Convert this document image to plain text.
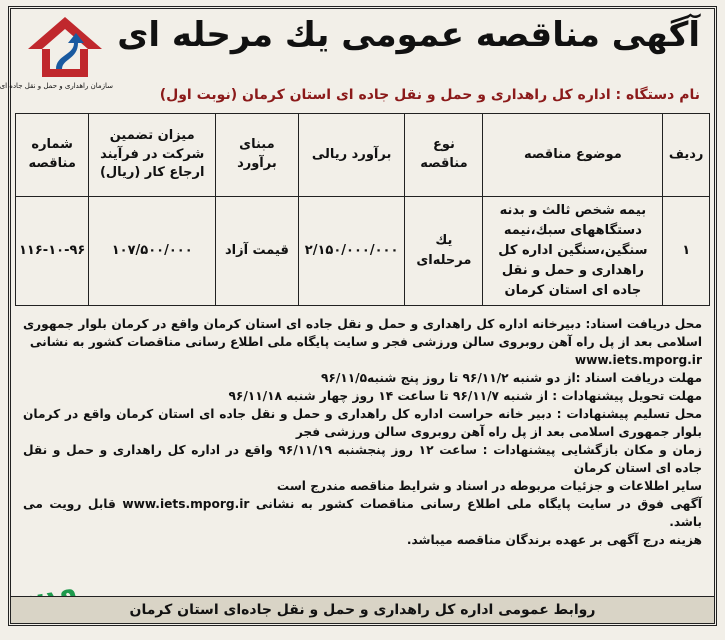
آگهی مناقصه عمومی یك مرحله ای
سازمان راهداری و حمل و نقل جاده ای
نام دستگاه : اداره کل راهداری و حمل و نقل جاده ای استان کرمان (نوبت اول)
ردیف	موضوع مناقصه	نوع مناقصه	برآورد ریالی	مبنای برآورد	میزان تضمین شرکت در فرآیند ارجاع کار (ریال)	شماره مناقصه
۱	بیمه شخص ثالث و بدنه دستگاههای سبك،نیمه سنگین،سنگین اداره کل راهداری و حمل و نقل جاده ای استان کرمان	یك مرحله‌ای	۲/۱۵۰/۰۰۰/۰۰۰	قیمت آزاد	۱۰۷/۵۰۰/۰۰۰	۱۱۶-۱۰-۹۶

محل دریافت اسناد: دبیرخانه اداره کل راهداری و حمل و نقل جاده ای استان کرمان واقع در کرمان بلوار جمهوری اسلامی بعد از پل راه آهن روبروی سالن ورزشی فجر و سایت پایگاه ملی اطلاع رسانی مناقصات کشور به نشانی

www.iets.mporg.ir

مهلت دریافت اسناد :از دو شنبه ۹۶/۱۱/۲ تا روز پنج شنبه۹۶/۱۱/۵

مهلت تحویل پیشنهادات : از شنبه ۹۶/۱۱/۷ تا ساعت ۱۴ روز چهار شنبه ۹۶/۱۱/۱۸

محل تسلیم پیشنهادات : دبیر خانه حراست اداره کل راهداری و حمل و نقل جاده ای استان کرمان واقع در کرمان بلوار جمهوری اسلامی بعد از پل راه آهن روبروی سالن ورزشی فجر

زمان و مکان بازگشایی پیشنهادات : ساعت ۱۲ روز پنجشنبه ۹۶/۱۱/۱۹ واقع در اداره کل راهداری و حمل و نقل جاده ای استان کرمان

سایر اطلاعات و جزئیات مربوطه در اسناد و شرایط مناقصه مندرج است

آگهی فوق در سایت پایگاه ملی اطلاع رسانی مناقصات کشور به نشانی www.iets.mporg.ir قابل رویت می باشد.

هزینه درج آگهی بر عهده برندگان مناقصه میباشد.

روابط عمومی اداره کل راهداری و حمل و نقل جاده‌ای استان کرمان
